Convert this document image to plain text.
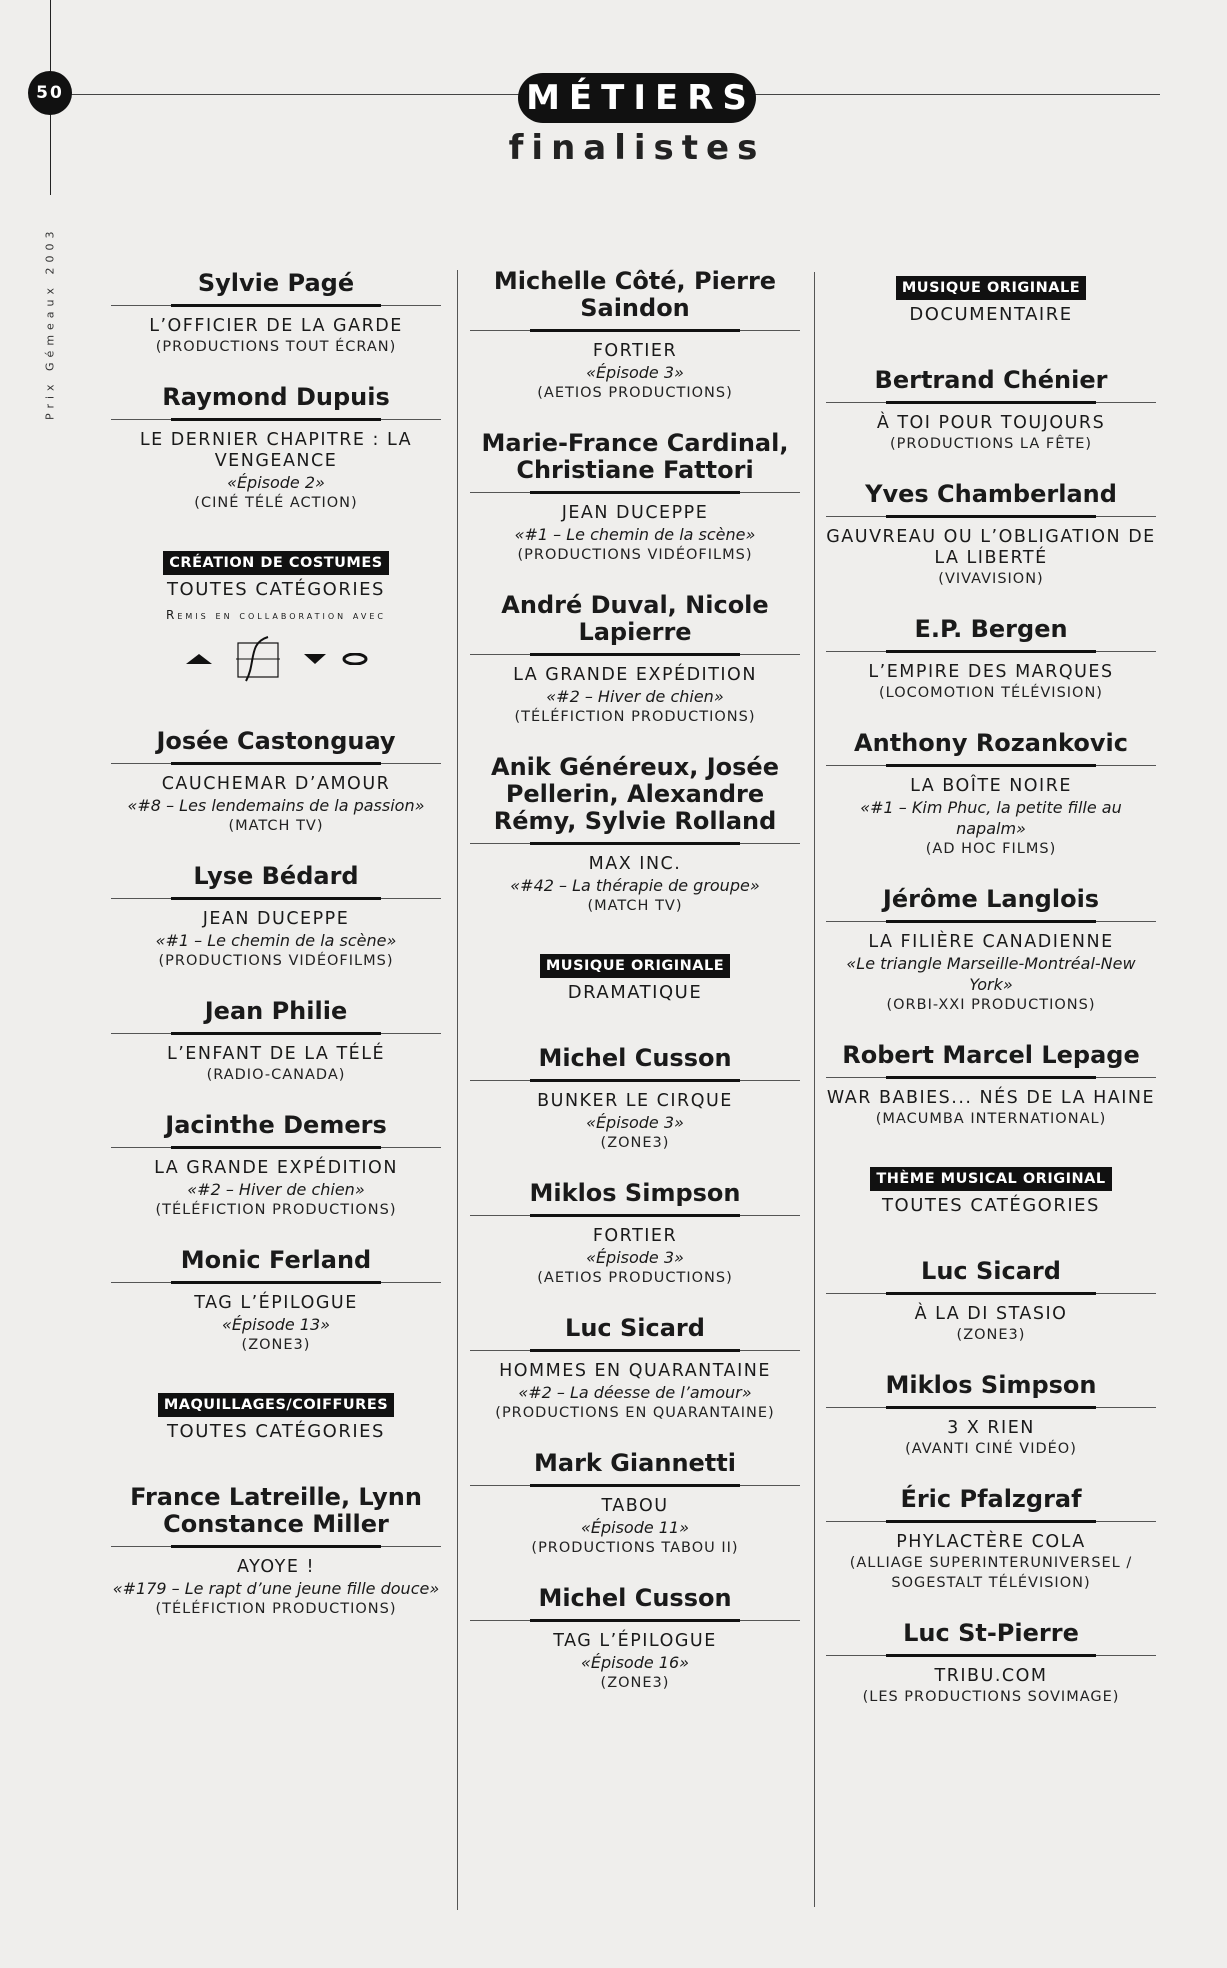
50
Prix Gémeaux 2003
MÉTIERS
finalistes
Sylvie Pagé
L’OFFICIER DE LA GARDE
(PRODUCTIONS TOUT ÉCRAN)
Raymond Dupuis
LE DERNIER CHAPITRE : LA VENGEANCE
«Épisode 2»
(CINÉ TÉLÉ ACTION)
CRÉATION DE COSTUMES
TOUTES CATÉGORIES
Remis en collaboration avec
Josée Castonguay
CAUCHEMAR D’AMOUR
«#8 – Les lendemains de la passion»
(MATCH TV)
Lyse Bédard
JEAN DUCEPPE
«#1 – Le chemin de la scène»
(PRODUCTIONS VIDÉOFILMS)
Jean Philie
L’ENFANT DE LA TÉLÉ
(RADIO-CANADA)
Jacinthe Demers
LA GRANDE EXPÉDITION
«#2 – Hiver de chien»
(TÉLÉFICTION PRODUCTIONS)
Monic Ferland
TAG L’ÉPILOGUE
«Épisode 13»
(ZONE3)
MAQUILLAGES/COIFFURES
TOUTES CATÉGORIES
France Latreille, Lynn Constance Miller
AYOYE !
«#179 – Le rapt d’une jeune fille douce»
(TÉLÉFICTION PRODUCTIONS)
Michelle Côté, Pierre Saindon
FORTIER
«Épisode 3»
(AETIOS PRODUCTIONS)
Marie-France Cardinal, Christiane Fattori
JEAN DUCEPPE
«#1 – Le chemin de la scène»
(PRODUCTIONS VIDÉOFILMS)
André Duval, Nicole Lapierre
LA GRANDE EXPÉDITION
«#2 – Hiver de chien»
(TÉLÉFICTION PRODUCTIONS)
Anik Généreux, Josée Pellerin, Alexandre Rémy, Sylvie Rolland
MAX INC.
«#42 – La thérapie de groupe»
(MATCH TV)
MUSIQUE ORIGINALE
DRAMATIQUE
Michel Cusson
BUNKER LE CIRQUE
«Épisode 3»
(ZONE3)
Miklos Simpson
FORTIER
«Épisode 3»
(AETIOS PRODUCTIONS)
Luc Sicard
HOMMES EN QUARANTAINE
«#2 – La déesse de l’amour»
(PRODUCTIONS EN QUARANTAINE)
Mark Giannetti
TABOU
«Épisode 11»
(PRODUCTIONS TABOU II)
Michel Cusson
TAG L’ÉPILOGUE
«Épisode 16»
(ZONE3)
MUSIQUE ORIGINALE
DOCUMENTAIRE
Bertrand Chénier
À TOI POUR TOUJOURS
(PRODUCTIONS LA FÊTE)
Yves Chamberland
GAUVREAU OU L’OBLIGATION DE LA LIBERTÉ
(VIVAVISION)
E.P. Bergen
L’EMPIRE DES MARQUES
(LOCOMOTION TÉLÉVISION)
Anthony Rozankovic
LA BOÎTE NOIRE
«#1 – Kim Phuc, la petite fille au napalm»
(AD HOC FILMS)
Jérôme Langlois
LA FILIÈRE CANADIENNE
«Le triangle Marseille-Montréal-New York»
(ORBI-XXI PRODUCTIONS)
Robert Marcel Lepage
WAR BABIES... NÉS DE LA HAINE
(MACUMBA INTERNATIONAL)
THÈME MUSICAL ORIGINAL
TOUTES CATÉGORIES
Luc Sicard
À LA DI STASIO
(ZONE3)
Miklos Simpson
3 X RIEN
(AVANTI CINÉ VIDÉO)
Éric Pfalzgraf
PHYLACTÈRE COLA
(ALLIAGE SUPERINTERUNIVERSEL / SOGESTALT TÉLÉVISION)
Luc St-Pierre
TRIBU.COM
(LES PRODUCTIONS SOVIMAGE)
